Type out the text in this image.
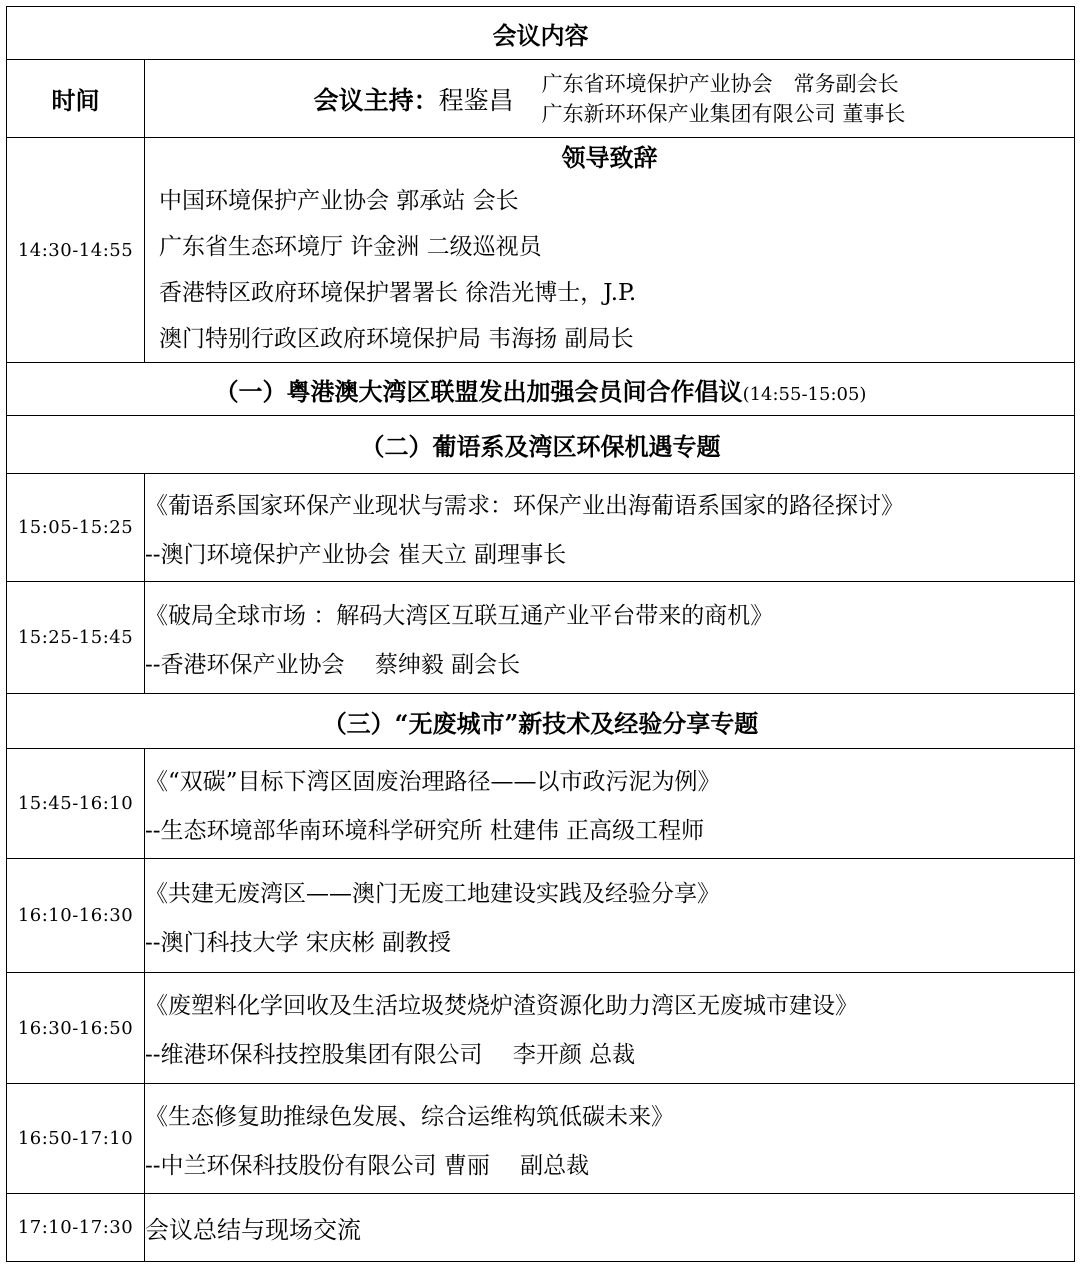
会议内容	
时间	会议主持：程鉴昌
广东省环境保护产业协会　常务副会长
广东新环环保产业集团有限公司 董事长

14:30-14:55	领导致辞
中国环境保护产业协会 郭承站 会长
广东省生态环境厅 许金洲 二级巡视员
香港特区政府环境保护署署长 徐浩光博士，J.P.
澳门特别行政区政府环境保护局 韦海扬 副局长

（一）粤港澳大湾区联盟发出加强会员间合作倡议(14:55-15:05)	
（二）葡语系及湾区环保机遇专题	
15:05-15:25	《葡语系国家环保产业现状与需求：环保产业出海葡语系国家的路径探讨》
--澳门环境保护产业协会 崔天立 副理事长

15:25-15:45	《破局全球市场 ：解码大湾区互联互通产业平台带来的商机》
--香港环保产业协会　 蔡绅毅 副会长

（三）“无废城市”新技术及经验分享专题	
15:45-16:10	《“双碳”目标下湾区固废治理路径——以市政污泥为例》
--生态环境部华南环境科学研究所 杜建伟 正高级工程师

16:10-16:30	《共建无废湾区——澳门无废工地建设实践及经验分享》
--澳门科技大学 宋庆彬 副教授

16:30-16:50	《废塑料化学回收及生活垃圾焚烧炉渣资源化助力湾区无废城市建设》
--维港环保科技控股集团有限公司　 李开颜 总裁

16:50-17:10	《生态修复助推绿色发展、综合运维构筑低碳未来》
--中兰环保科技股份有限公司 曹丽　 副总裁

17:10-17:30	会议总结与现场交流
